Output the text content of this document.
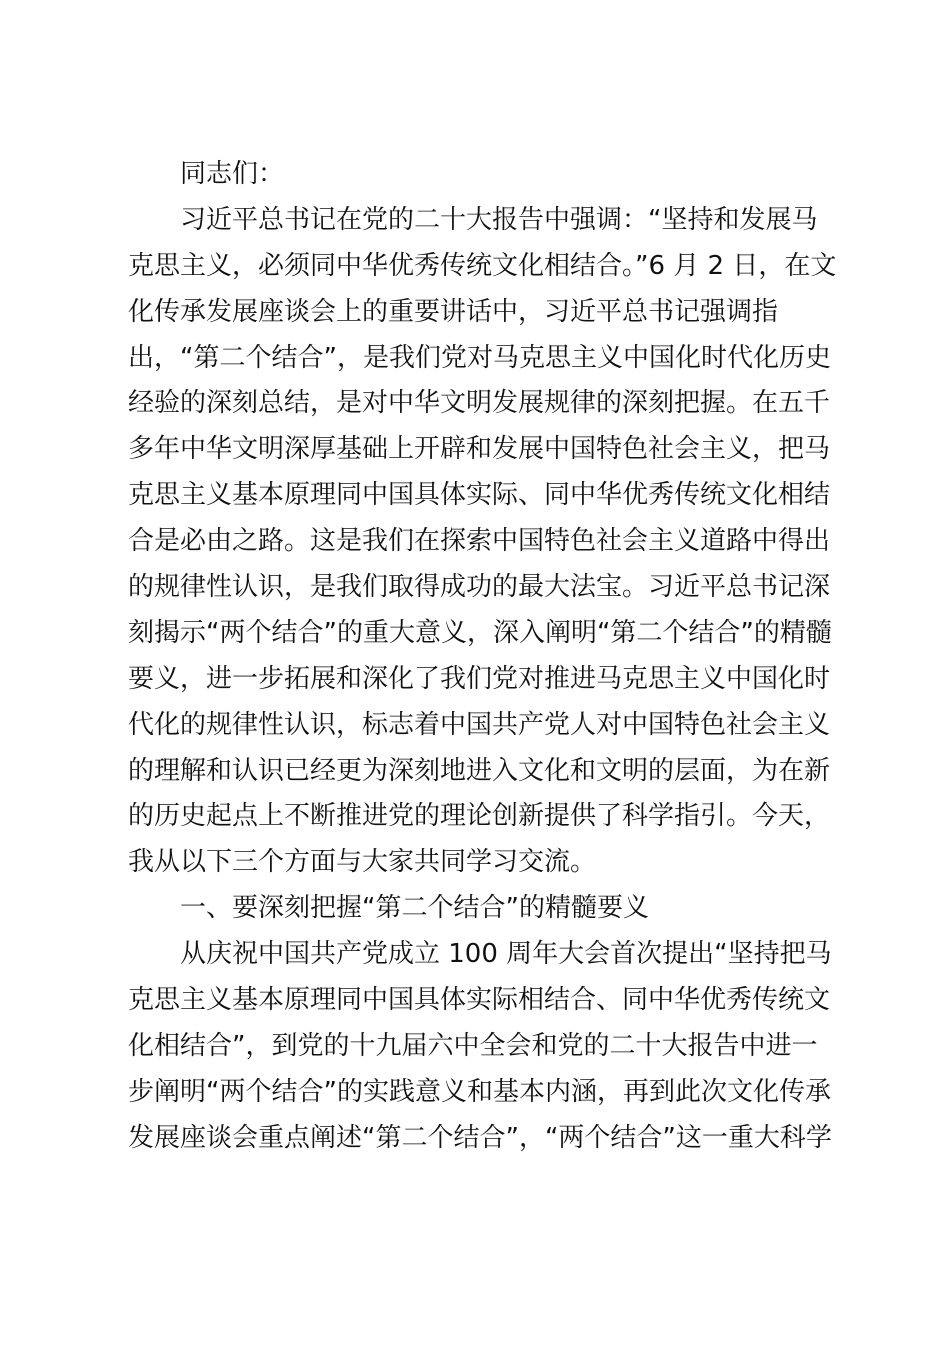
同志们：
习近平总书记在党的二十大报告中强调：“坚持和发展马
克思主义，必须同中华优秀传统文化相结合。”6 月 2 日，在文
化传承发展座谈会上的重要讲话中，习近平总书记强调指
出，“第二个结合”，是我们党对马克思主义中国化时代化历史
经验的深刻总结，是对中华文明发展规律的深刻把握。在五千
多年中华文明深厚基础上开辟和发展中国特色社会主义，把马
克思主义基本原理同中国具体实际、同中华优秀传统文化相结
合是必由之路。这是我们在探索中国特色社会主义道路中得出
的规律性认识，是我们取得成功的最大法宝。习近平总书记深
刻揭示“两个结合”的重大意义，深入阐明“第二个结合”的精髓
要义，进一步拓展和深化了我们党对推进马克思主义中国化时
代化的规律性认识，标志着中国共产党人对中国特色社会主义
的理解和认识已经更为深刻地进入文化和文明的层面，为在新
的历史起点上不断推进党的理论创新提供了科学指引。今天，
我从以下三个方面与大家共同学习交流。
一、要深刻把握“第二个结合”的精髓要义
从庆祝中国共产党成立 100 周年大会首次提出“坚持把马
克思主义基本原理同中国具体实际相结合、同中华优秀传统文
化相结合”，到党的十九届六中全会和党的二十大报告中进一
步阐明“两个结合”的实践意义和基本内涵，再到此次文化传承
发展座谈会重点阐述“第二个结合”，“两个结合”这一重大科学
